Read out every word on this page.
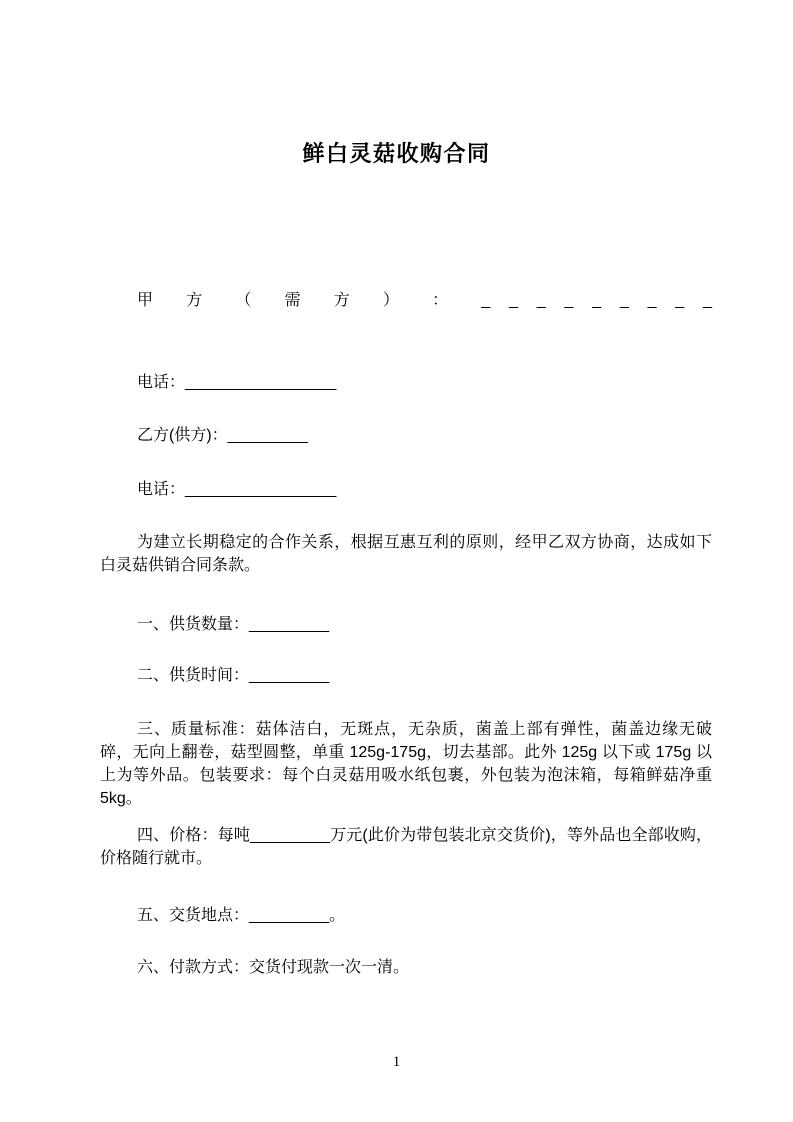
鲜白灵菇收购合同
甲 方 （ 需 方 ） ： _ _ _ _ _ _ _ _ _
电话：_________________
乙方(供方)：_________
电话：_________________
为建立长期稳定的合作关系，根据互惠互利的原则，经甲乙双方协商，达成如下白灵菇供销合同条款。
一、供货数量：_________
二、供货时间：_________
三、质量标准：菇体洁白，无斑点，无杂质，菌盖上部有弹性，菌盖边缘无破碎，无向上翻卷，菇型圆整，单重 125g-175g，切去基部。此外 125g 以下或 175g 以上为等外品。包装要求：每个白灵菇用吸水纸包裹，外包装为泡沫箱，每箱鲜菇净重 5kg。
四、价格：每吨_________万元(此价为带包装北京交货价)，等外品也全部收购，价格随行就市。
五、交货地点：_________。
六、付款方式：交货付现款一次一清。
1
